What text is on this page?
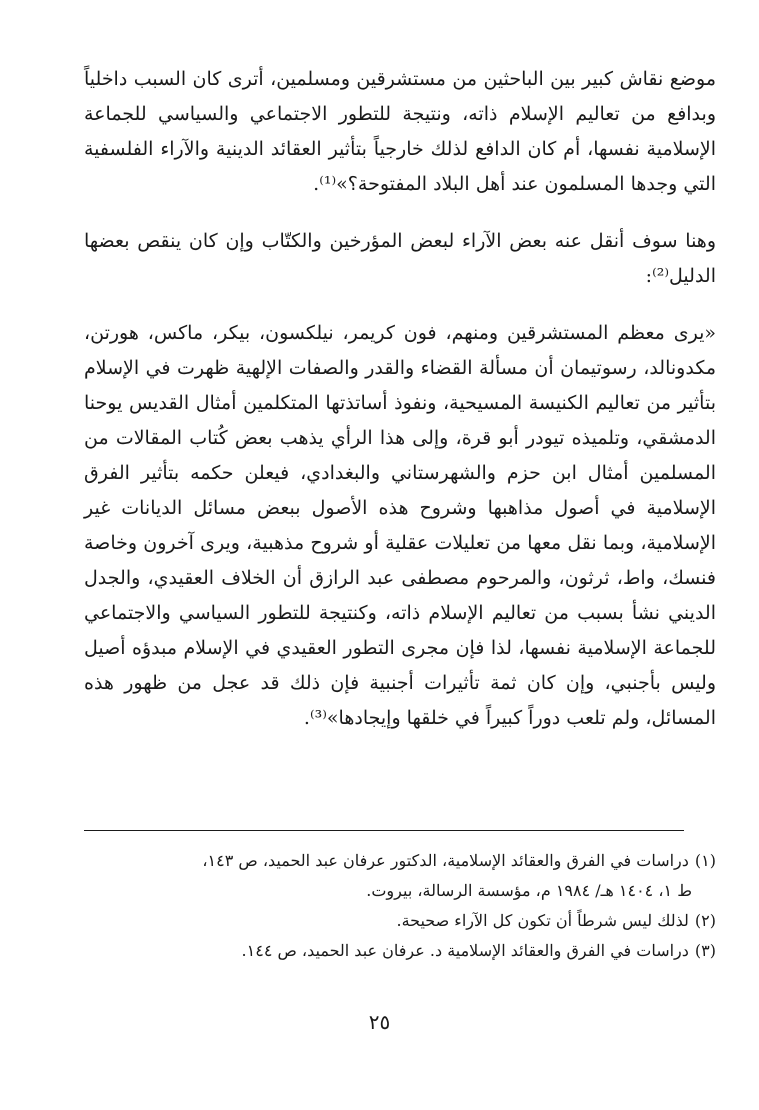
موضع نقاش كبير بين الباحثين من مستشرقين ومسلمين، أترى كان السبب داخلياً وبدافع من تعاليم الإسلام ذاته، ونتيجة للتطور الاجتماعي والسياسي للجماعة الإسلامية نفسها، أم كان الدافع لذلك خارجياً بتأثير العقائد الدينية والآراء الفلسفية التي وجدها المسلمون عند أهل البلاد المفتوحة؟»⁽¹⁾.

وهنا سوف أنقل عنه بعض الآراء لبعض المؤرخين والكتّاب وإن كان ينقص بعضها الدليل⁽²⁾:

«يرى معظم المستشرقين ومنهم، فون كريمر، نيلكسون، بيكر، ماكس، هورتن، مكدونالد، رسوتيمان أن مسألة القضاء والقدر والصفات الإلهية ظهرت في الإسلام بتأثير من تعاليم الكنيسة المسيحية، ونفوذ أساتذتها المتكلمين أمثال القديس يوحنا الدمشقي، وتلميذه تيودر أبو قرة، وإلى هذا الرأي يذهب بعض كُتاب المقالات من المسلمين أمثال ابن حزم والشهرستاني والبغدادي، فيعلن حكمه بتأثير الفرق الإسلامية في أصول مذاهبها وشروح هذه الأصول ببعض مسائل الديانات غير الإسلامية، وبما نقل معها من تعليلات عقلية أو شروح مذهبية، ويرى آخرون وخاصة فنسك، واط، ثرثون، والمرحوم مصطفى عبد الرازق أن الخلاف العقيدي، والجدل الديني نشأ بسبب من تعاليم الإسلام ذاته، وكنتيجة للتطور السياسي والاجتماعي للجماعة الإسلامية نفسها، لذا فإن مجرى التطور العقيدي في الإسلام مبدؤه أصيل وليس بأجنبي، وإن كان ثمة تأثيرات أجنبية فإن ذلك قد عجل من ظهور هذه المسائل، ولم تلعب دوراً كبيراً في خلقها وإيجادها»⁽³⁾.

(١)دراسات في الفرق والعقائد الإسلامية، الدكتور عرفان عبد الحميد، ص ١٤٣،
ط ١، ١٤٠٤ هـ/ ١٩٨٤ م، مؤسسة الرسالة، بيروت.
(٢)لذلك ليس شرطاً أن تكون كل الآراء صحيحة.
(٣)دراسات في الفرق والعقائد الإسلامية د. عرفان عبد الحميد، ص ١٤٤.
٢٥
